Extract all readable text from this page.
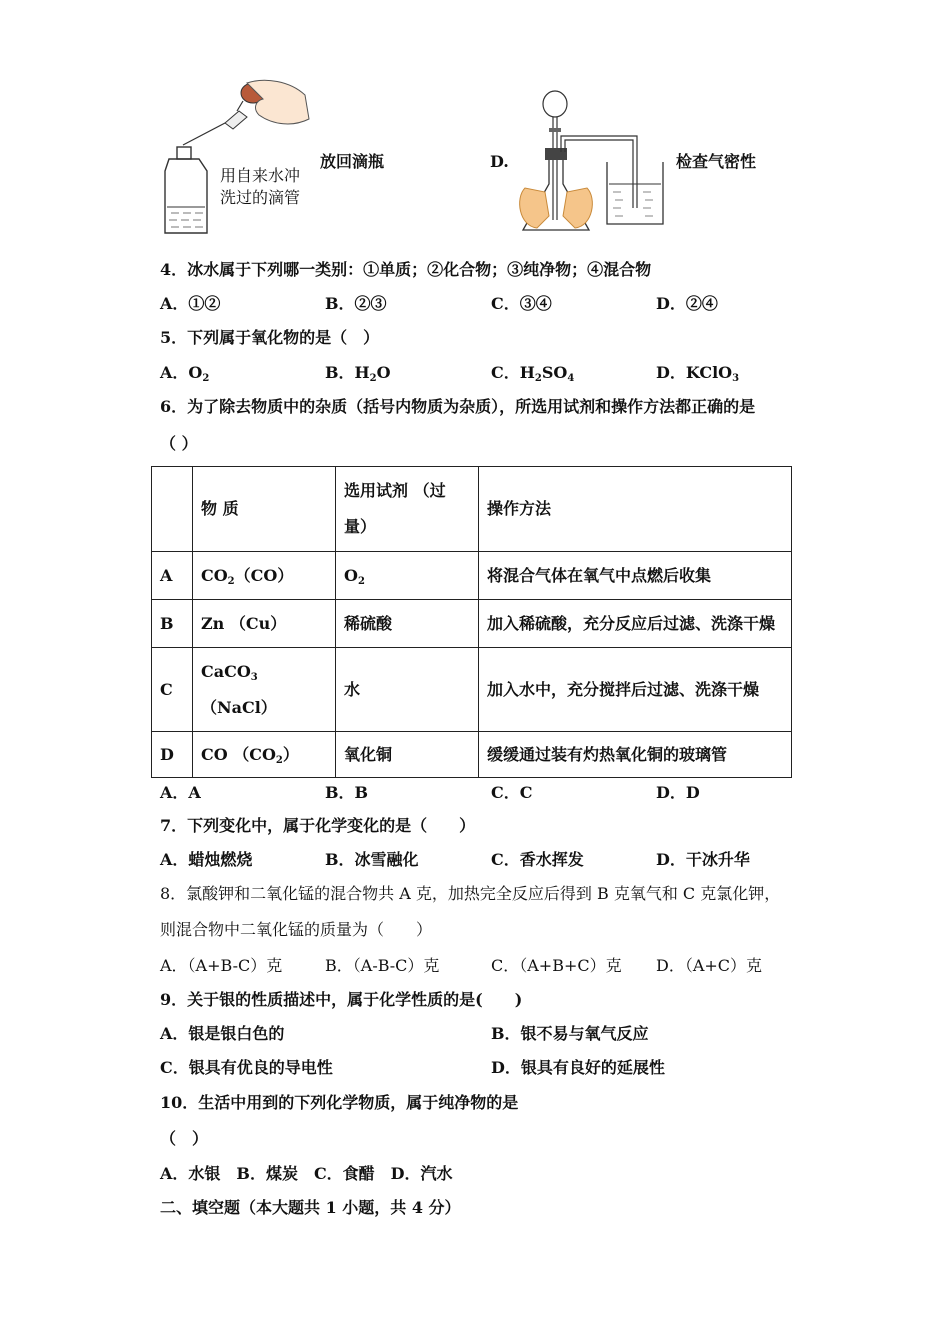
用自来水冲
洗过的滴管
放回滴瓶	D.	检查气密性
4．冰水属于下列哪一类别：①单质；②化合物；③纯净物；④混合物
A．①②	B．②③	C．③④	D．②④
5．下列属于氧化物的是（　）
A．$O_2$	B．$H_2O$	C．$H_2SO_4$	D．KClO$_3$
6．为了除去物质中的杂质（括号内物质为杂质），所选用试剂和操作方法都正确的是
（ ）
	物 质	选用试剂 （过
量）	操作方法
A	$CO_2(CO)$	$O_2$	将混合气体在氧气中点燃后收集
B	Zn （Cu）	稀硫酸	加入稀硫酸，充分反应后过滤、洗涤干燥
C	CaCO$_3$
（NaCl）	水	加入水中，充分搅拌后过滤、洗涤干燥
D	CO $(CO_2)$	氧化铜	缓缓通过装有灼热氧化铜的玻璃管
A．A	B．B	C．C	D．D
7．下列变化中，属于化学变化的是（　　）
A．蜡烛燃烧	B．冰雪融化	C．香水挥发	D．干冰升华
8．氯酸钾和二氧化锰的混合物共 A 克，加热完全反应后得到 B 克氧气和 C 克氯化钾，
则混合物中二氧化锰的质量为（　　）
A．（A+B-C）克	B．（A-B-C）克	C．（A+B+C）克 D．（A+C）克
9．关于银的性质描述中，属于化学性质的是(　　)
A．银是银白色的	B．银不易与氧气反应
C．银具有优良的导电性	D．银具有良好的延展性
10．生活中用到的下列化学物质，属于纯净物的是
（　）
A．水银　B．煤炭　C．食醋　D．汽水
二、填空题（本大题共 1 小题，共 4 分）
